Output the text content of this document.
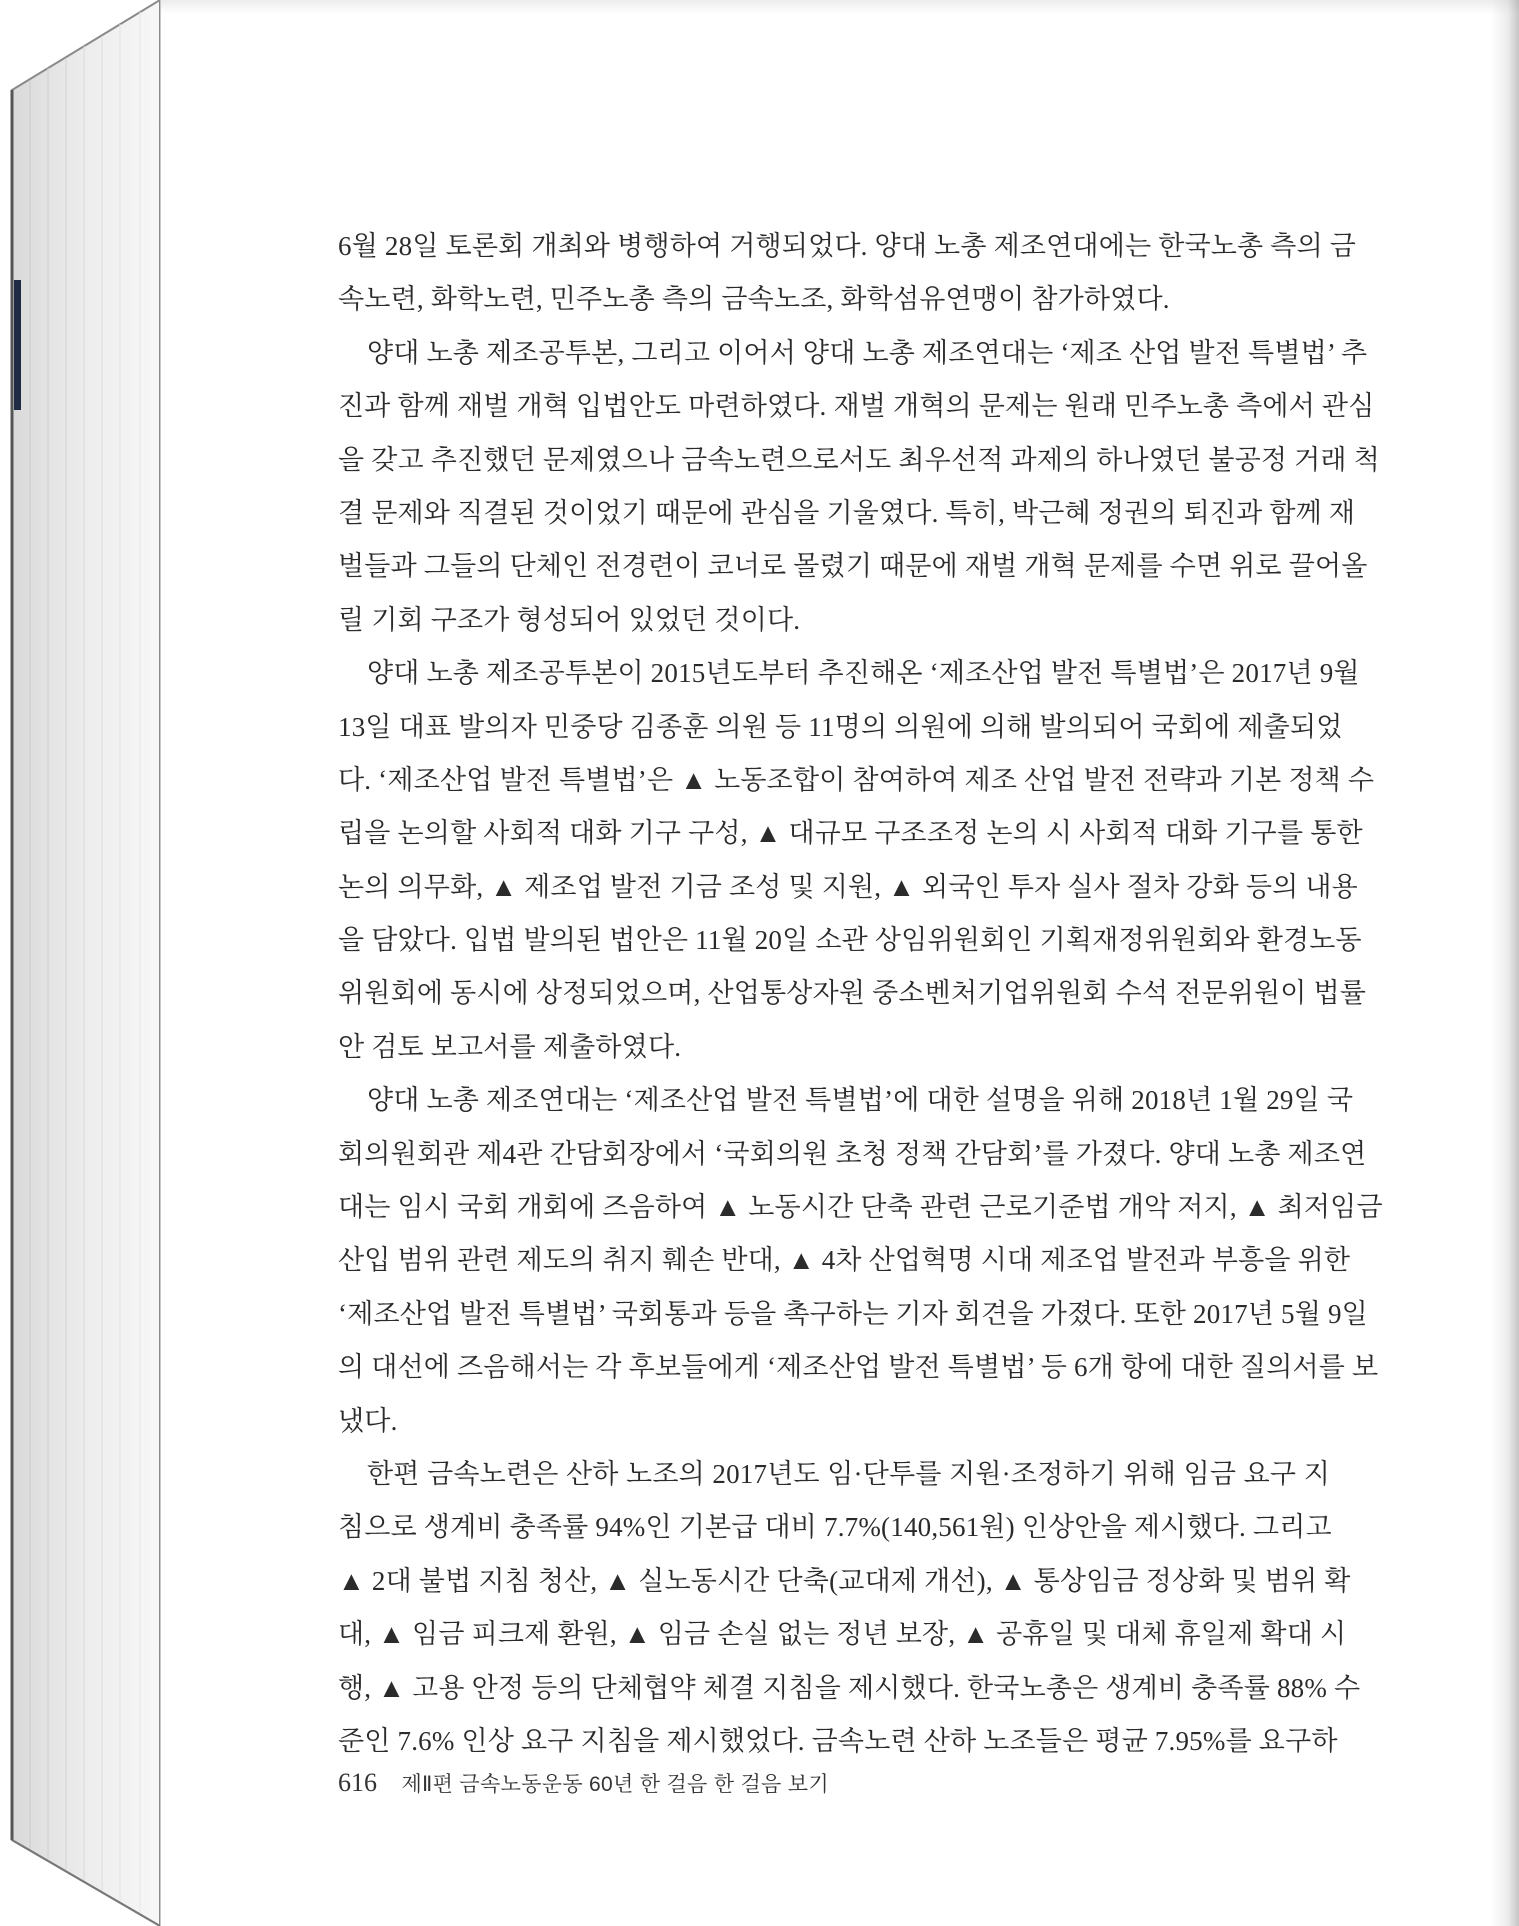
6월 28일 토론회 개최와 병행하여 거행되었다. 양대 노총 제조연대에는 한국노총 측의 금
속노련, 화학노련, 민주노총 측의 금속노조, 화학섬유연맹이 참가하였다.
양대 노총 제조공투본, 그리고 이어서 양대 노총 제조연대는 ‘제조 산업 발전 특별법’ 추
진과 함께 재벌 개혁 입법안도 마련하였다. 재벌 개혁의 문제는 원래 민주노총 측에서 관심
을 갖고 추진했던 문제였으나 금속노련으로서도 최우선적 과제의 하나였던 불공정 거래 척
결 문제와 직결된 것이었기 때문에 관심을 기울였다. 특히, 박근혜 정권의 퇴진과 함께 재
벌들과 그들의 단체인 전경련이 코너로 몰렸기 때문에 재벌 개혁 문제를 수면 위로 끌어올
릴 기회 구조가 형성되어 있었던 것이다.
양대 노총 제조공투본이 2015년도부터 추진해온 ‘제조산업 발전 특별법’은 2017년 9월
13일 대표 발의자 민중당 김종훈 의원 등 11명의 의원에 의해 발의되어 국회에 제출되었
다. ‘제조산업 발전 특별법’은 ▲ 노동조합이 참여하여 제조 산업 발전 전략과 기본 정책 수
립을 논의할 사회적 대화 기구 구성, ▲ 대규모 구조조정 논의 시 사회적 대화 기구를 통한
논의 의무화, ▲ 제조업 발전 기금 조성 및 지원, ▲ 외국인 투자 실사 절차 강화 등의 내용
을 담았다. 입법 발의된 법안은 11월 20일 소관 상임위원회인 기획재정위원회와 환경노동
위원회에 동시에 상정되었으며, 산업통상자원 중소벤처기업위원회 수석 전문위원이 법률
안 검토 보고서를 제출하였다.
양대 노총 제조연대는 ‘제조산업 발전 특별법’에 대한 설명을 위해 2018년 1월 29일 국
회의원회관 제4관 간담회장에서 ‘국회의원 초청 정책 간담회’를 가졌다. 양대 노총 제조연
대는 임시 국회 개회에 즈음하여 ▲ 노동시간 단축 관련 근로기준법 개악 저지, ▲ 최저임금
산입 범위 관련 제도의 취지 훼손 반대, ▲ 4차 산업혁명 시대 제조업 발전과 부흥을 위한
‘제조산업 발전 특별법’ 국회통과 등을 촉구하는 기자 회견을 가졌다. 또한 2017년 5월 9일
의 대선에 즈음해서는 각 후보들에게 ‘제조산업 발전 특별법’ 등 6개 항에 대한 질의서를 보
냈다.
한편 금속노련은 산하 노조의 2017년도 임·단투를 지원·조정하기 위해 임금 요구 지
침으로 생계비 충족률 94%인 기본급 대비 7.7%(140,561원) 인상안을 제시했다. 그리고
▲ 2대 불법 지침 청산, ▲ 실노동시간 단축(교대제 개선), ▲ 통상임금 정상화 및 범위 확
대, ▲ 임금 피크제 환원, ▲ 임금 손실 없는 정년 보장, ▲ 공휴일 및 대체 휴일제 확대 시
행, ▲ 고용 안정 등의 단체협약 체결 지침을 제시했다. 한국노총은 생계비 충족률 88% 수
준인 7.6% 인상 요구 지침을 제시했었다. 금속노련 산하 노조들은 평균 7.95%를 요구하
616 제Ⅱ편 금속노동운동 60년 한 걸음 한 걸음 보기
